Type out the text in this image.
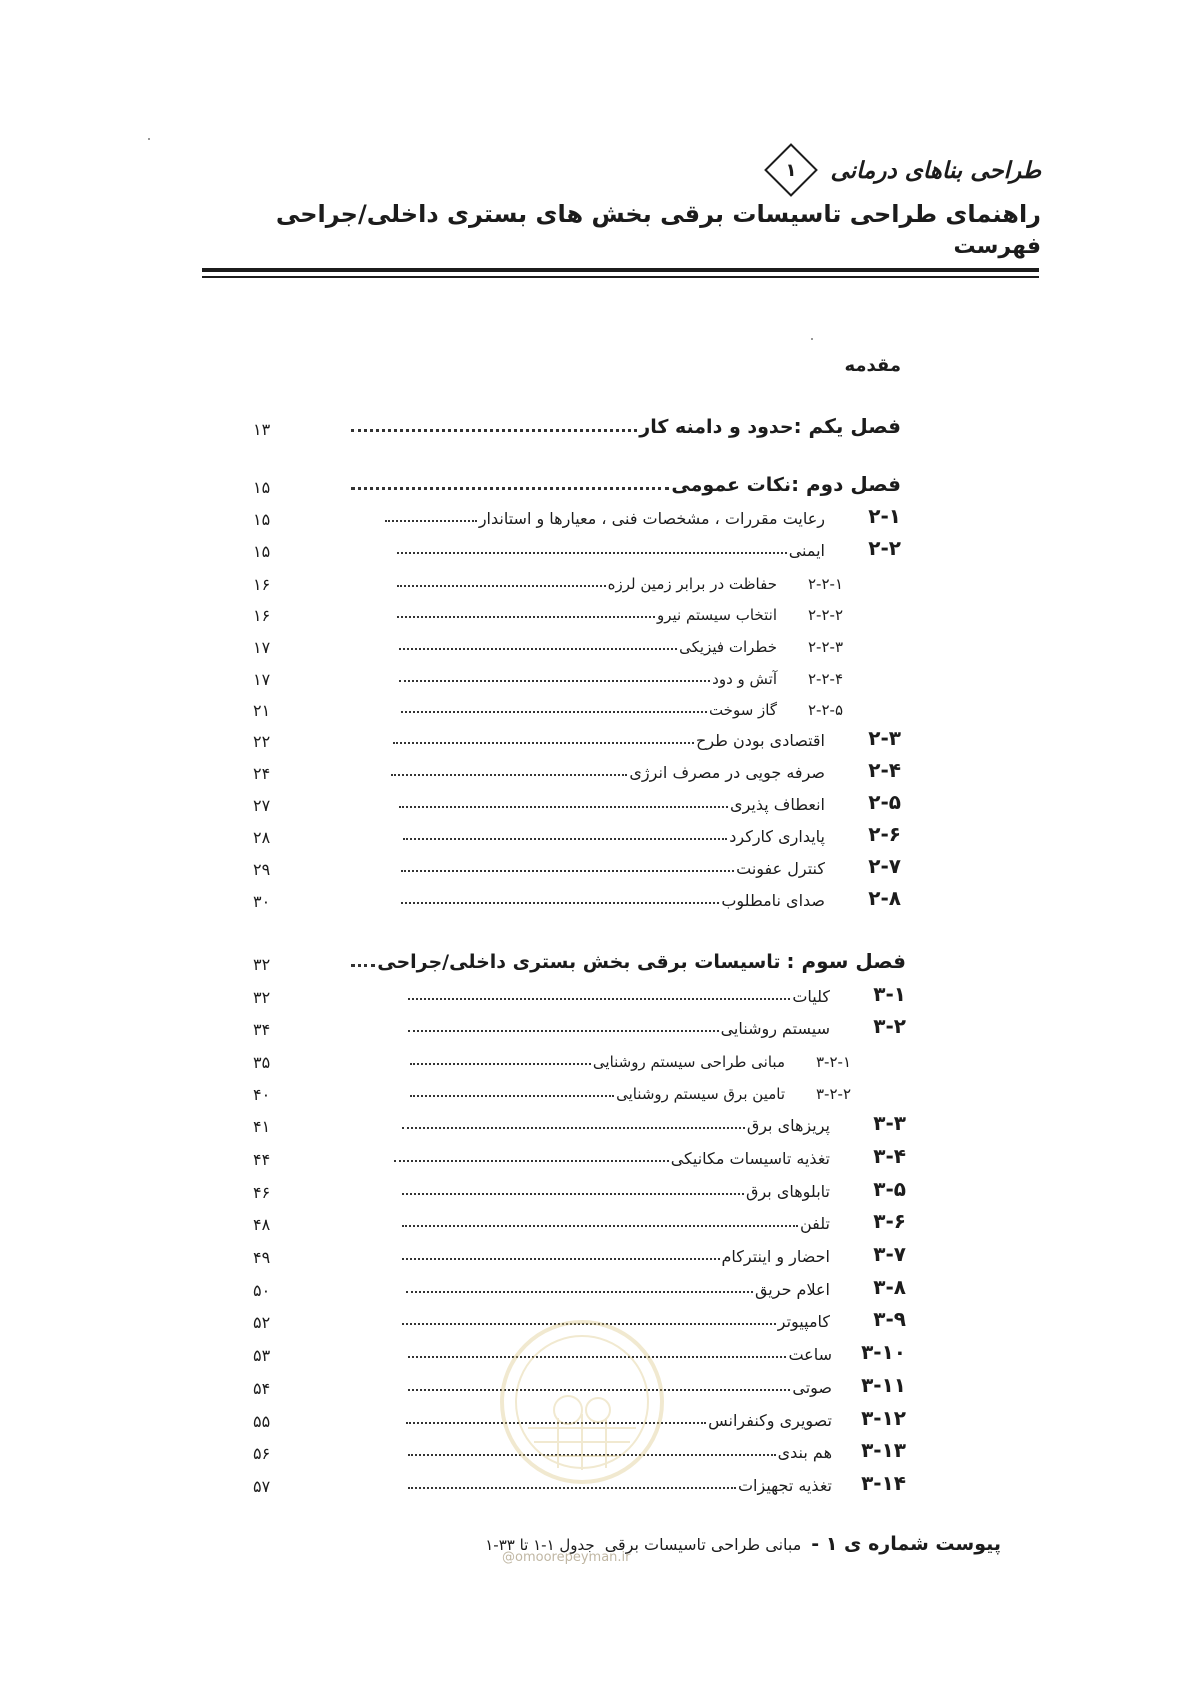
طراحی بناهای درمانی
۱
راهنمای طراحی تاسیسات برقی بخش های بستری داخلی/جراحی
فهرست
مقدمه
فصل یکم :
حدود و دامنه کار
۱۳
فصل دوم :
نکات عمومی
۱۵
۲-۱
رعایت مقررات ، مشخصات فنی ، معیارها و استاندار
۱۵
۲-۲
ایمنی
۱۵
۲-۲-۱
حفاظت در برابر زمین لرزه
۱۶
۲-۲-۲
انتخاب سیستم نیرو
۱۶
۲-۲-۳
خطرات فیزیکی
۱۷
۲-۲-۴
آتش و دود
۱۷
۲-۲-۵
گاز سوخت
۲۱
۲-۳
اقتصادی بودن طرح
۲۲
۲-۴
صرفه جویی در مصرف انرژی
۲۴
۲-۵
انعطاف پذیری
۲۷
۲-۶
پایداری کارکرد
۲۸
۲-۷
کنترل عفونت
۲۹
۲-۸
صدای نامطلوب
۳۰
فصل سوم :
تاسیسات برقی بخش بستری داخلی/جراحی
۳۲
۳-۱
کلیات
۳۲
۳-۲
سیستم روشنایی
۳۴
۳-۲-۱
مبانی طراحی سیستم روشنایی
۳۵
۳-۲-۲
تامین برق سیستم روشنایی
۴۰
۳-۳
پریزهای برق
۴۱
۳-۴
تغذیه تاسیسات مکانیکی
۴۴
۳-۵
تابلوهای برق
۴۶
۳-۶
تلفن
۴۸
۳-۷
احضار و اینترکام
۴۹
۳-۸
اعلام حریق
۵۰
۳-۹
کامپیوتر
۵۲
۳-۱۰
ساعت
۵۳
۳-۱۱
صوتی
۵۴
۳-۱۲
تصویری وکنفرانس
۵۵
۳-۱۳
هم بندی
۵۶
۳-۱۴
تغذیه تجهیزات
۵۷
پیوست شماره ی ۱ -
مبانی طراحی تاسیسات برقی
جدول ۱-۱ تا ۳۳-۱
@omoorepeyman.ir
